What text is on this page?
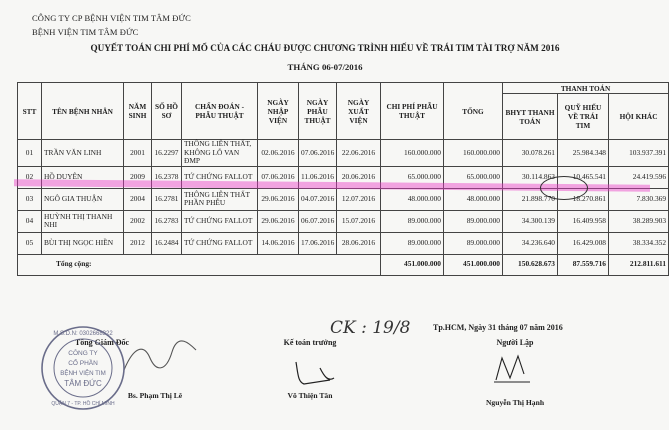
CÔNG TY CP BỆNH VIỆN TIM TÂM ĐỨC
BỆNH VIỆN TIM TÂM ĐỨC
QUYẾT TOÁN CHI PHÍ MỔ CỦA CÁC CHÁU ĐƯỢC CHƯƠNG TRÌNH HIẾU VỀ TRÁI TIM TÀI TRỢ NĂM 2016
THÁNG 06-07/2016
STT	TÊN BỆNH NHÂN	NĂM SINH	SỐ HỒ SƠ	CHẨN ĐOÁN - PHẪU THUẬT	NGÀY NHẬP VIỆN	NGÀY PHẪU THUẬT	NGÀY XUẤT VIỆN	CHI PHÍ PHẪU THUẬT	TỔNG	THANH TOÁN		
										BHYT THANH TOÁN	QUỸ HIẾU VỀ TRÁI TIM	HỘI KHÁC
01	TRẦN VĂN LINH	2001	16.2297	THÔNG LIÊN THẤT, KHÔNG LỖ VAN ĐMP	02.06.2016	07.06.2016	22.06.2016	160.000.000	160.000.000	30.078.261	25.984.348	103.937.391
02	HỒ DUYÊN	2009	16.2378	TỨ CHỨNG FALLOT	07.06.2016	11.06.2016	20.06.2016	65.000.000	65.000.000	30.114.863	10.465.541	24.419.596
03	NGÔ GIA THUẬN	2004	16.2781	THÔNG LIÊN THẤT PHẦN PHỄU	29.06.2016	04.07.2016	12.07.2016	48.000.000	48.000.000	21.898.770	18.270.861	7.830.369
04	HUỲNH THỊ THANH NHI	2002	16.2783	TỨ CHỨNG FALLOT	29.06.2016	06.07.2016	15.07.2016	89.000.000	89.000.000	34.300.139	16.409.958	38.289.903
05	BÙI THỊ NGỌC HIỀN	2012	16.2484	TỨ CHỨNG FALLOT	14.06.2016	17.06.2016	28.06.2016	89.000.000	89.000.000	34.236.640	16.429.008	38.334.352
Tổng cộng:								451.000.000	451.000.000	150.628.673	87.559.716	212.811.611
CK : 19/8	Tp.HCM, Ngày 31 tháng 07 năm 2016
Tổng Giám Đốc	Kế toán trưởng	Người Lập
Bs. Phạm Thị Lê	Võ Thiện Tân
Nguyễn Thị Hạnh
M.S.D.N: 0302668322
CÔNG TY
CỔ PHẦN
BỆNH VIỆN TIM
TÂM ĐỨC
QUẬN 7 - TP. HỒ CHÍ MINH
